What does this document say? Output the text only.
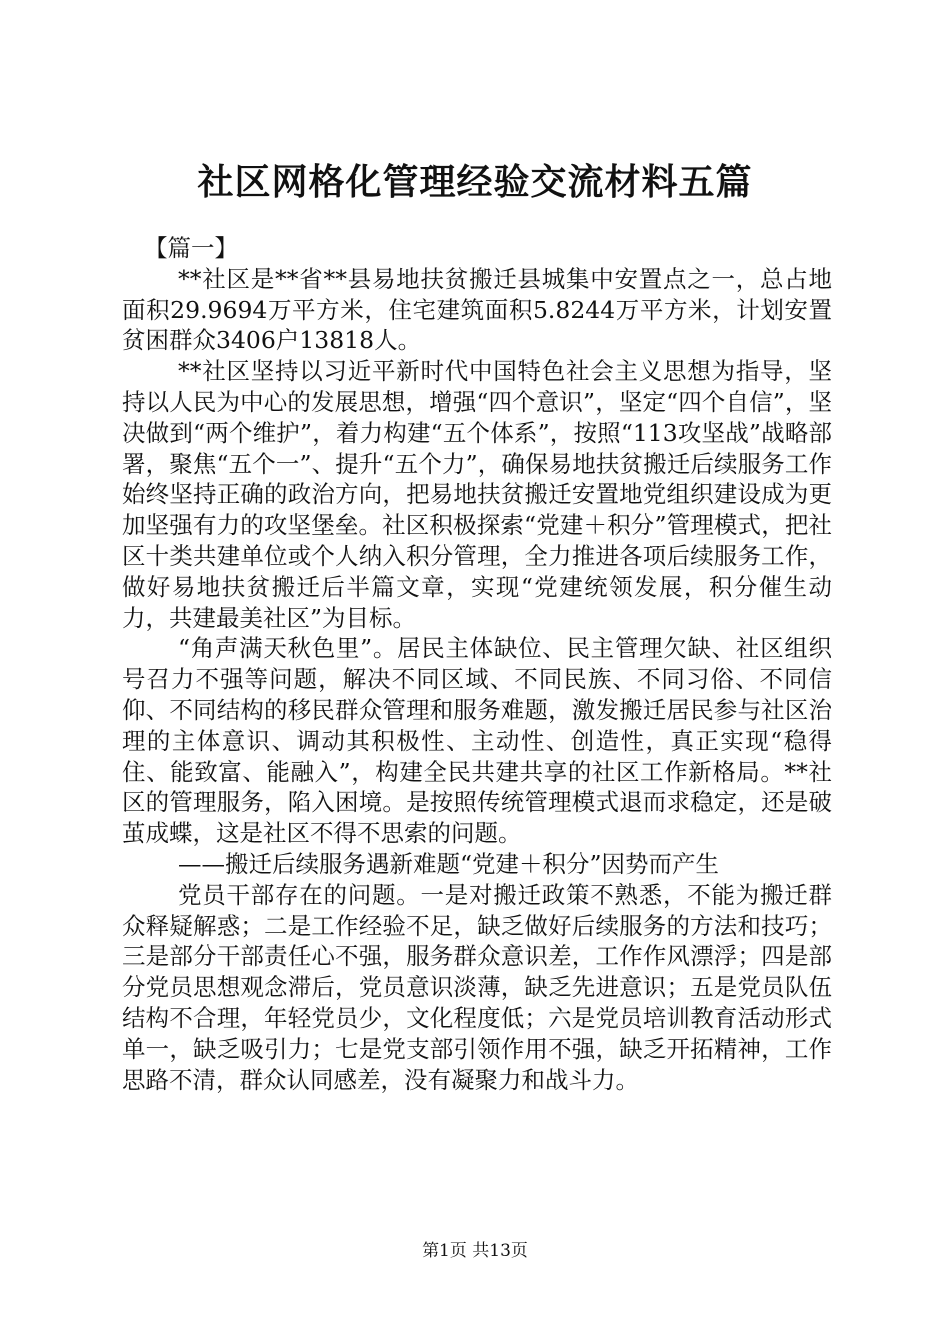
社区网格化管理经验交流材料五篇

【篇一】

**社区是**省**县易地扶贫搬迁县城集中安置点之一，总占地面积29.9694万平方米，住宅建筑面积5.8244万平方米，计划安置贫困群众3406户13818人。

**社区坚持以习近平新时代中国特色社会主义思想为指导，坚持以人民为中心的发展思想，增强“四个意识”，坚定“四个自信”，坚决做到“两个维护”，着力构建“五个体系”，按照“113攻坚战”战略部署，聚焦“五个一”、提升“五个力”，确保易地扶贫搬迁后续服务工作始终坚持正确的政治方向，把易地扶贫搬迁安置地党组织建设成为更加坚强有力的攻坚堡垒。社区积极探索“党建＋积分”管理模式，把社区十类共建单位或个人纳入积分管理，全力推进各项后续服务工作，做好易地扶贫搬迁后半篇文章，实现“党建统领发展，积分催生动力，共建最美社区”为目标。

“角声满天秋色里”。居民主体缺位、民主管理欠缺、社区组织号召力不强等问题，解决不同区域、不同民族、不同习俗、不同信仰、不同结构的移民群众管理和服务难题，激发搬迁居民参与社区治理的主体意识、调动其积极性、主动性、创造性，真正实现“稳得住、能致富、能融入”，构建全民共建共享的社区工作新格局。**社区的管理服务，陷入困境。是按照传统管理模式退而求稳定，还是破茧成蝶，这是社区不得不思索的问题。

——搬迁后续服务遇新难题“党建＋积分”因势而产生

党员干部存在的问题。一是对搬迁政策不熟悉，不能为搬迁群众释疑解惑；二是工作经验不足，缺乏做好后续服务的方法和技巧；三是部分干部责任心不强，服务群众意识差，工作作风漂浮；四是部分党员思想观念滞后，党员意识淡薄，缺乏先进意识；五是党员队伍结构不合理，年轻党员少，文化程度低；六是党员培训教育活动形式单一，缺乏吸引力；七是党支部引领作用不强，缺乏开拓精神，工作思路不清，群众认同感差，没有凝聚力和战斗力。

第1页 共13页
